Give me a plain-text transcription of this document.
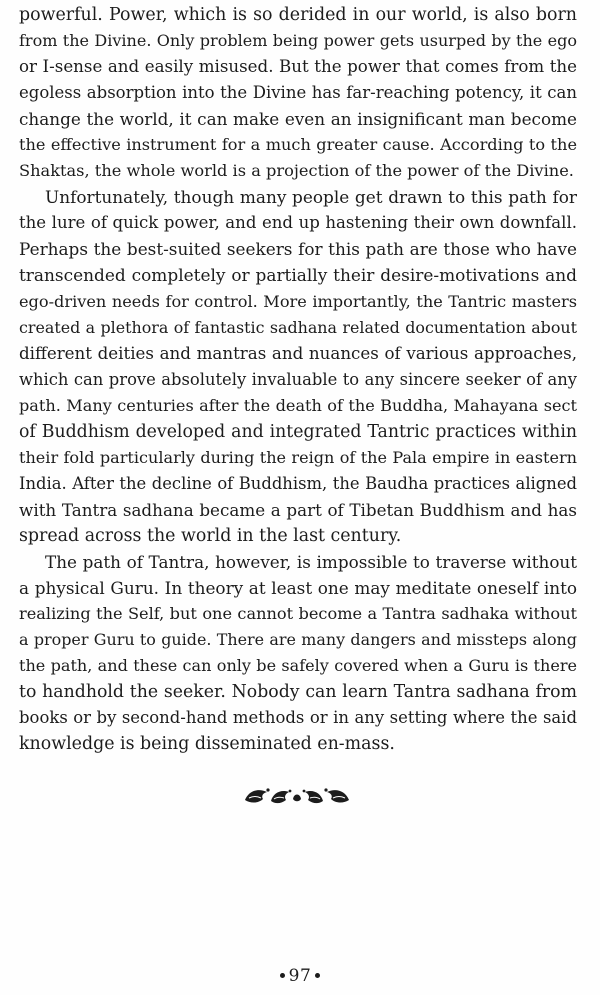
powerful. Power, which is so derided in our world, is also born
from the Divine. Only problem being power gets usurped by the ego
or I-sense and easily misused. But the power that comes from the
egoless absorption into the Divine has far-reaching potency, it can
change the world, it can make even an insignificant man become
the effective instrument for a much greater cause. According to the
Shaktas, the whole world is a projection of the power of the Divine.
Unfortunately, though many people get drawn to this path for
the lure of quick power, and end up hastening their own downfall.
Perhaps the best-suited seekers for this path are those who have
transcended completely or partially their desire-motivations and
ego-driven needs for control. More importantly, the Tantric masters
created a plethora of fantastic sadhana related documentation about
different deities and mantras and nuances of various approaches,
which can prove absolutely invaluable to any sincere seeker of any
path. Many centuries after the death of the Buddha, Mahayana sect
of Buddhism developed and integrated Tantric practices within
their fold particularly during the reign of the Pala empire in eastern
India. After the decline of Buddhism, the Baudha practices aligned
with Tantra sadhana became a part of Tibetan Buddhism and has
spread across the world in the last century.
The path of Tantra, however, is impossible to traverse without
a physical Guru. In theory at least one may meditate oneself into
realizing the Self, but one cannot become a Tantra sadhaka without
a proper Guru to guide. There are many dangers and missteps along
the path, and these can only be safely covered when a Guru is there
to handhold the seeker. Nobody can learn Tantra sadhana from
books or by second-hand methods or in any setting where the said
knowledge is being disseminated en-mass.
97
